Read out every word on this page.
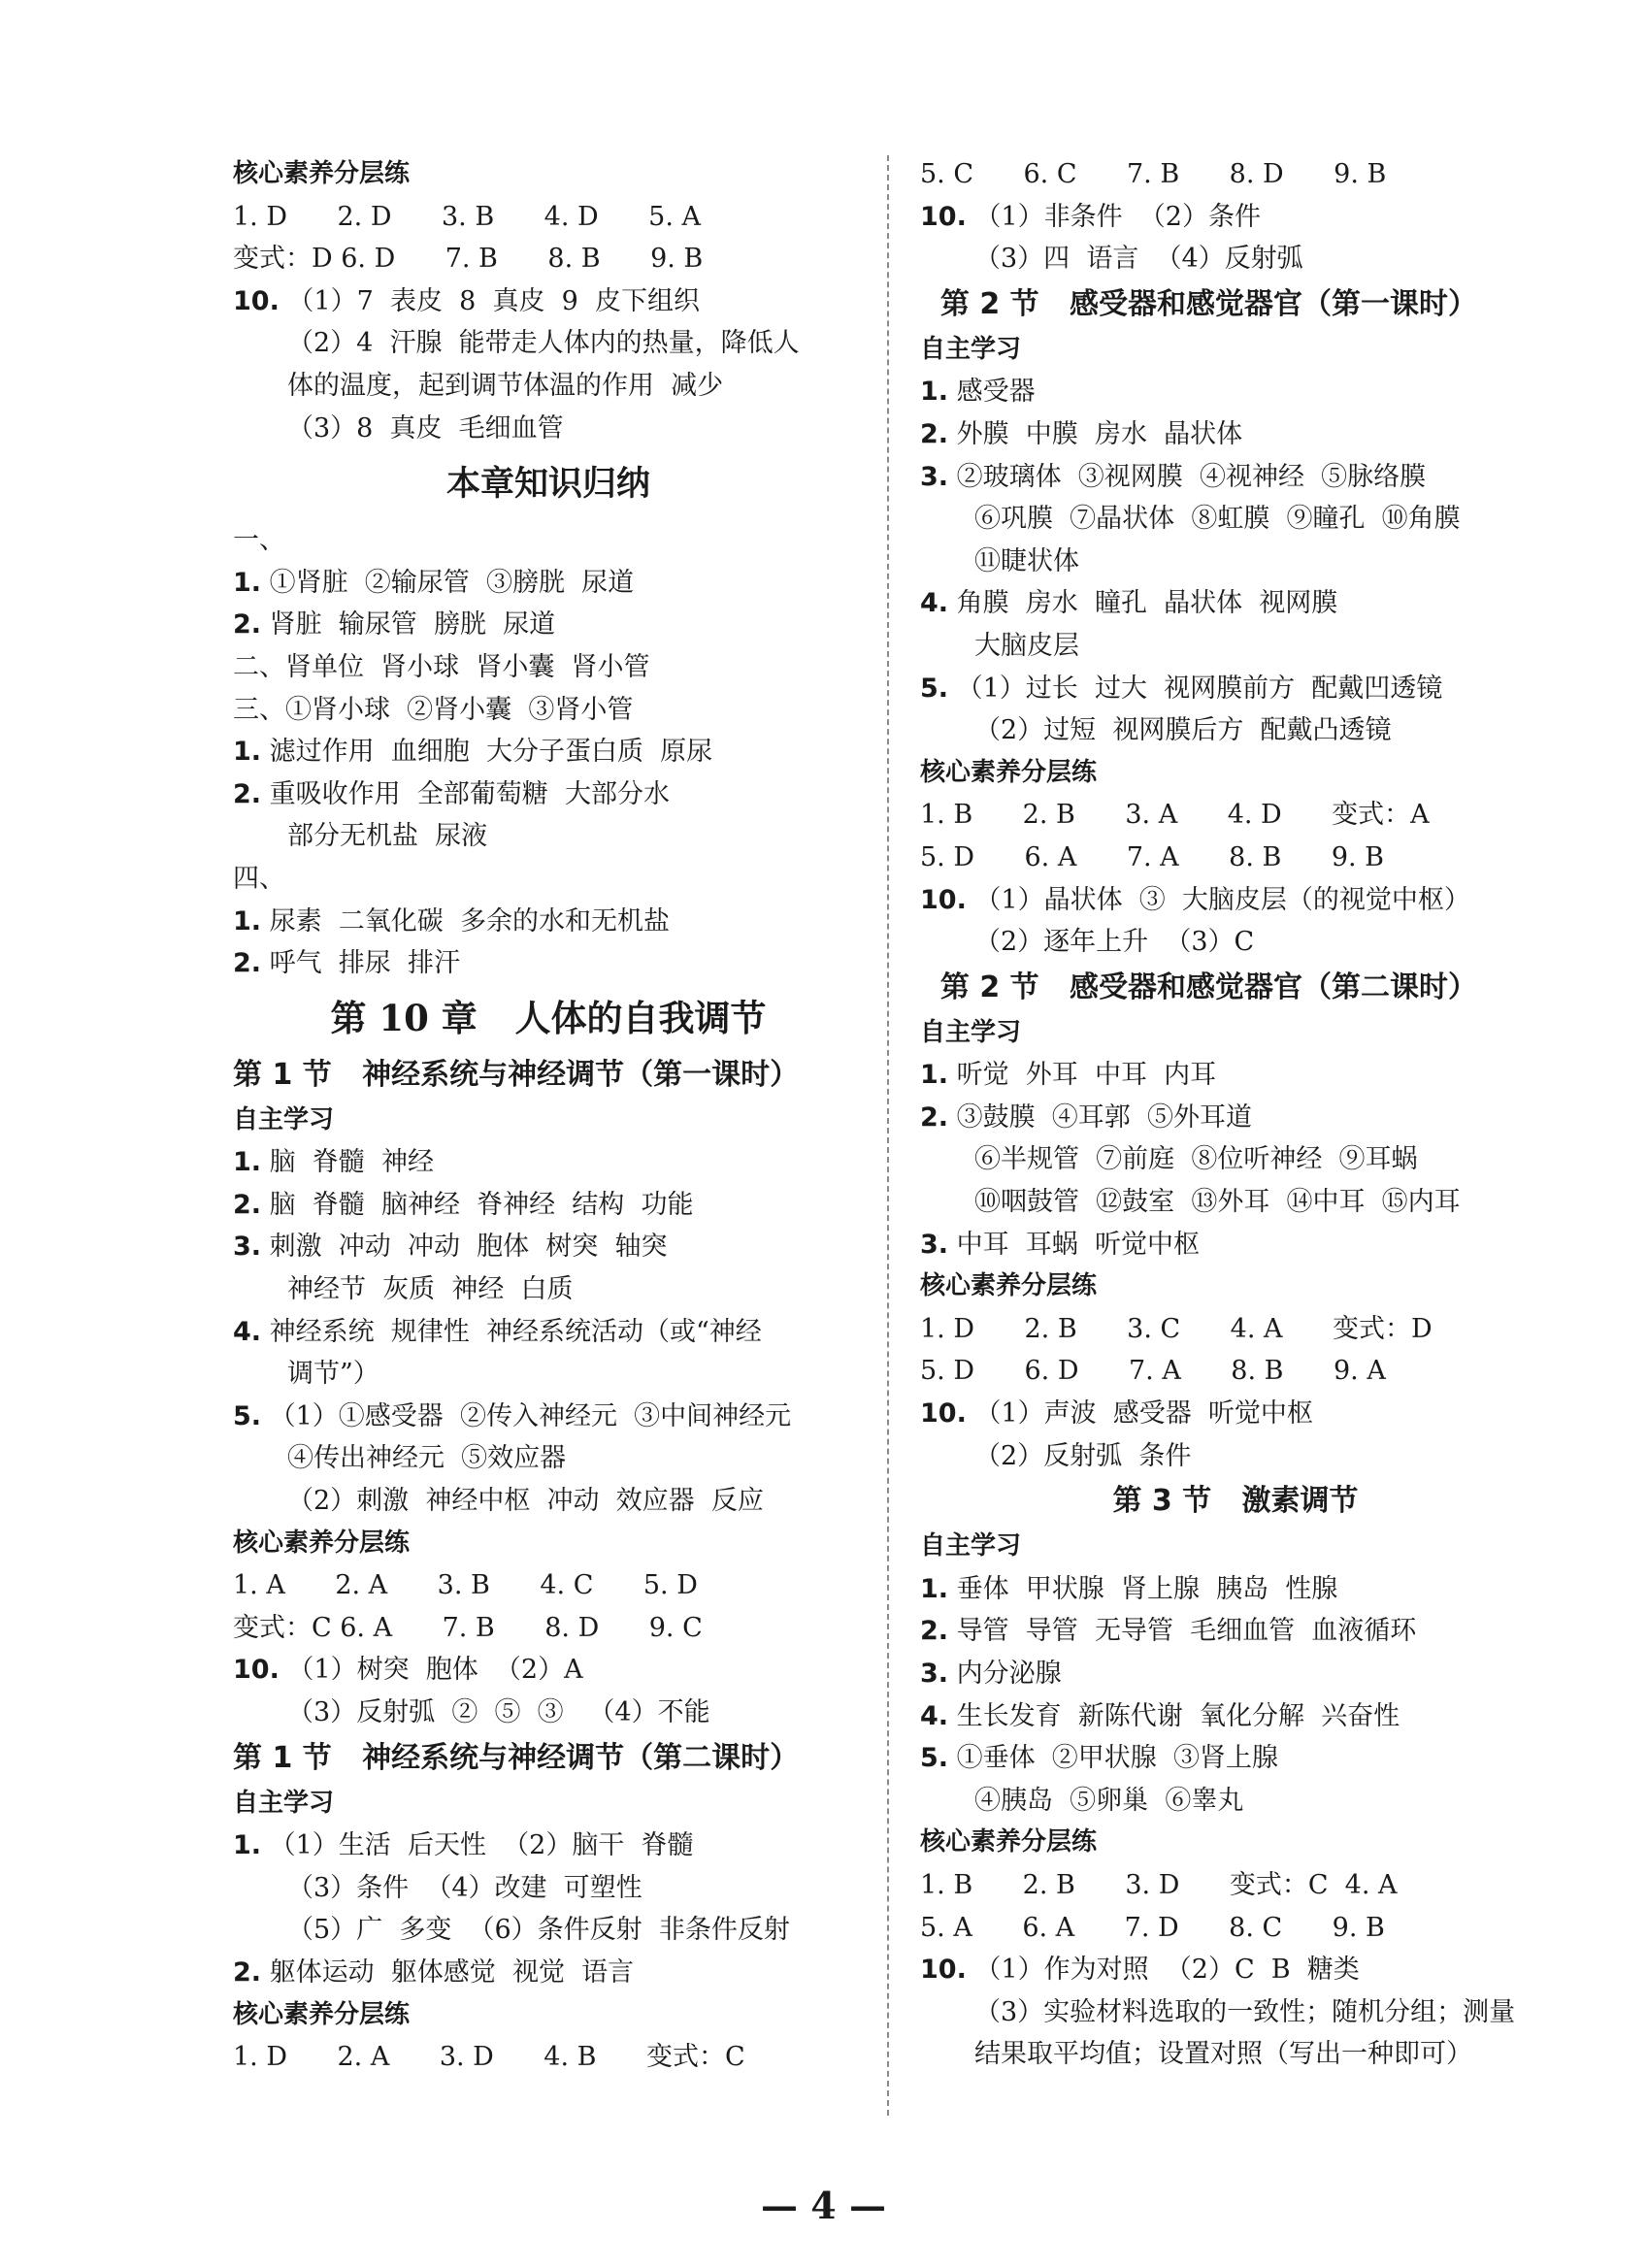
核心素养分层练
1. D      2. D      3. B      4. D      5. A
变式：D 6. D      7. B      8. B      9. B
10. （1）7  表皮  8  真皮  9  皮下组织
（2）4  汗腺  能带走人体内的热量，降低人
体的温度，起到调节体温的作用  减少
（3）8  真皮  毛细血管
本章知识归纳
一、
1. ①肾脏  ②输尿管  ③膀胱  尿道
2. 肾脏  输尿管  膀胱  尿道
二、肾单位  肾小球  肾小囊  肾小管
三、①肾小球  ②肾小囊  ③肾小管
1. 滤过作用  血细胞  大分子蛋白质  原尿
2. 重吸收作用  全部葡萄糖  大部分水
部分无机盐  尿液
四、
1. 尿素  二氧化碳  多余的水和无机盐
2. 呼气  排尿  排汗
第 10 章   人体的自我调节
第 1 节   神经系统与神经调节（第一课时）
自主学习
1. 脑  脊髓  神经
2. 脑  脊髓  脑神经  脊神经  结构  功能
3. 刺激  冲动  冲动  胞体  树突  轴突
神经节  灰质  神经  白质
4. 神经系统  规律性  神经系统活动（或“神经
调节”）
5. （1）①感受器  ②传入神经元  ③中间神经元
④传出神经元  ⑤效应器
（2）刺激  神经中枢  冲动  效应器  反应
核心素养分层练
1. A      2. A      3. B      4. C      5. D
变式：C 6. A      7. B      8. D      9. C
10. （1）树突  胞体  （2）A
（3）反射弧  ②  ⑤  ③   （4）不能
第 1 节   神经系统与神经调节（第二课时）
自主学习
1. （1）生活  后天性  （2）脑干  脊髓
（3）条件  （4）改建  可塑性
（5）广  多变  （6）条件反射  非条件反射
2. 躯体运动  躯体感觉  视觉  语言
核心素养分层练
1. D      2. A      3. D      4. B      变式：C
5. C      6. C      7. B      8. D      9. B
10. （1）非条件  （2）条件
（3）四  语言  （4）反射弧
第 2 节   感受器和感觉器官（第一课时）
自主学习
1. 感受器
2. 外膜  中膜  房水  晶状体
3. ②玻璃体  ③视网膜  ④视神经  ⑤脉络膜
⑥巩膜  ⑦晶状体  ⑧虹膜  ⑨瞳孔  ⑩角膜
⑪睫状体
4. 角膜  房水  瞳孔  晶状体  视网膜
大脑皮层
5. （1）过长  过大  视网膜前方  配戴凹透镜
（2）过短  视网膜后方  配戴凸透镜
核心素养分层练
1. B      2. B      3. A      4. D      变式：A
5. D      6. A      7. A      8. B      9. B
10. （1）晶状体  ③  大脑皮层（的视觉中枢）
（2）逐年上升  （3）C
第 2 节   感受器和感觉器官（第二课时）
自主学习
1. 听觉  外耳  中耳  内耳
2. ③鼓膜  ④耳郭  ⑤外耳道
⑥半规管  ⑦前庭  ⑧位听神经  ⑨耳蜗
⑩咽鼓管  ⑫鼓室  ⑬外耳  ⑭中耳  ⑮内耳
3. 中耳  耳蜗  听觉中枢
核心素养分层练
1. D      2. B      3. C      4. A      变式：D
5. D      6. D      7. A      8. B      9. A
10. （1）声波  感受器  听觉中枢
（2）反射弧  条件
第 3 节   激素调节
自主学习
1. 垂体  甲状腺  肾上腺  胰岛  性腺
2. 导管  导管  无导管  毛细血管  血液循环
3. 内分泌腺
4. 生长发育  新陈代谢  氧化分解  兴奋性
5. ①垂体  ②甲状腺  ③肾上腺
④胰岛  ⑤卵巢  ⑥睾丸
核心素养分层练
1. B      2. B      3. D      变式：C  4. A
5. A      6. A      7. D      8. C      9. B
10. （1）作为对照  （2）C  B  糖类
（3）实验材料选取的一致性；随机分组；测量
结果取平均值；设置对照（写出一种即可）
— 4 —
